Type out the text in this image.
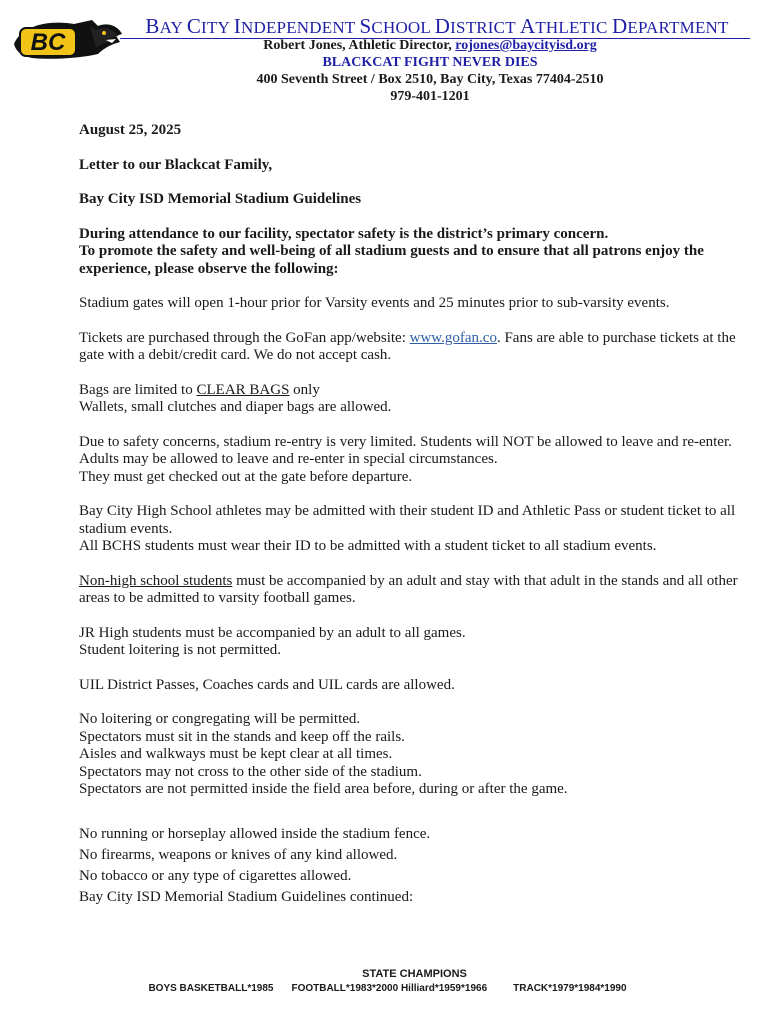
BC
BAY CITY INDEPENDENT SCHOOL DISTRICT ATHLETIC DEPARTMENT
Robert Jones, Athletic Director, rojones@baycityisd.org
BLACKCAT FIGHT NEVER DIES
400 Seventh Street / Box 2510, Bay City, Texas 77404-2510
979-401-1201

August 25, 2025

Letter to our Blackcat Family,

Bay City ISD Memorial Stadium Guidelines

During attendance to our facility, spectator safety is the district’s primary concern.

To promote the safety and well-being of all stadium guests and to ensure that all patrons enjoy the experience, please observe the following:

Stadium gates will open 1-hour prior for Varsity events and 25 minutes prior to sub-varsity events.

Tickets are purchased through the GoFan app/website: www.gofan.co. Fans are able to purchase tickets at the gate with a debit/credit card. We do not accept cash.

Bags are limited to CLEAR BAGS only

Wallets, small clutches and diaper bags are allowed.

Due to safety concerns, stadium re-entry is very limited. Students will NOT be allowed to leave and re-enter. Adults may be allowed to leave and re-enter in special circumstances.

They must get checked out at the gate before departure.

Bay City High School athletes may be admitted with their student ID and Athletic Pass or student ticket to all stadium events.

All BCHS students must wear their ID to be admitted with a student ticket to all stadium events.

Non-high school students must be accompanied by an adult and stay with that adult in the stands and all other areas to be admitted to varsity football games.

JR High students must be accompanied by an adult to all games.

Student loitering is not permitted.

UIL District Passes, Coaches cards and UIL cards are allowed.

No loitering or congregating will be permitted.

Spectators must sit in the stands and keep off the rails.

Aisles and walkways must be kept clear at all times.

Spectators may not cross to the other side of the stadium.

Spectators are not permitted inside the field area before, during or after the game.

No running or horseplay allowed inside the stadium fence.

No firearms, weapons or knives of any kind allowed.

No tobacco or any type of cigarettes allowed.

Bay City ISD Memorial Stadium Guidelines continued:

STATE CHAMPIONS
BOYS BASKETBALL*1985 FOOTBALL*1983*2000 Hilliard*1959*1966	TRACK*1979*1984*1990
